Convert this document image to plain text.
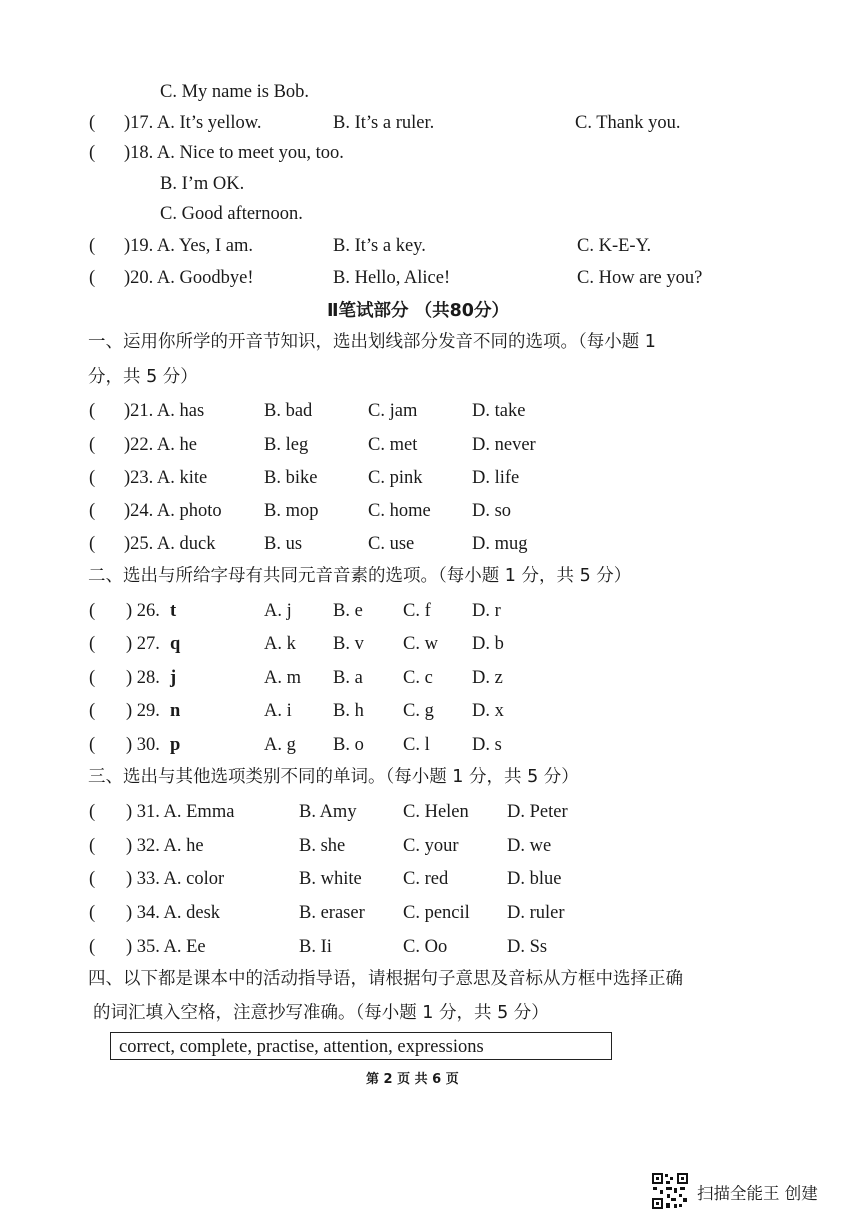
C. My name is Bob.
( )17. A. It’s yellow.	B. It’s a ruler.	C. Thank you.
( )18. A. Nice to meet you, too.
B. I’m OK.
C. Good afternoon.
( )19. A. Yes, I am.	B. It’s a key.	C. K-E-Y.
( )20. A. Goodbye!	B. Hello, Alice!	C. How are you?
Ⅱ笔试部分 （共80分）
一、运用你所学的开音节知识，选出划线部分发音不同的选项。（每小题 1
分，共 5 分）
( )21. A. has	B. bad	C. jam	D. take
( )22. A. he	B. leg	C. met	D. never
( )23. A. kite	B. bike	C. pink	D. life
( )24. A. photo B. mop	C. home D. so
( )25. A. duck	B. us	C. use	D. mug
二、选出与所给字母有共同元音音素的选项。（每小题 1 分，共 5 分）
( ) 26. t	A. j B. e C. f D. r
( ) 27. q	A. k B. v C. w D. b
( ) 28. j	A. m B. a C. c D. z
( ) 29. n	A. i B. h C. g D. x
( ) 30. p	A. g B. o C. l D. s
三、选出与其他选项类别不同的单词。（每小题 1 分，共 5 分）
( ) 31. A. Emma	B. Amy	C. Helen D. Peter
( ) 32. A. he	B. she	C. your	D. we
( ) 33. A. color	B. white C. red	D. blue
( ) 34. A. desk	B. eraser C. pencil D. ruler
( ) 35. A. Ee	B. Ii	C. Oo	D. Ss
四、以下都是课本中的活动指导语，请根据句子意思及音标从方框中选择正确
的词汇填入空格，注意抄写准确。（每小题 1 分，共 5 分）
correct, complete, practise, attention, expressions
第 2 页 共 6 页
扫描全能王 创建
